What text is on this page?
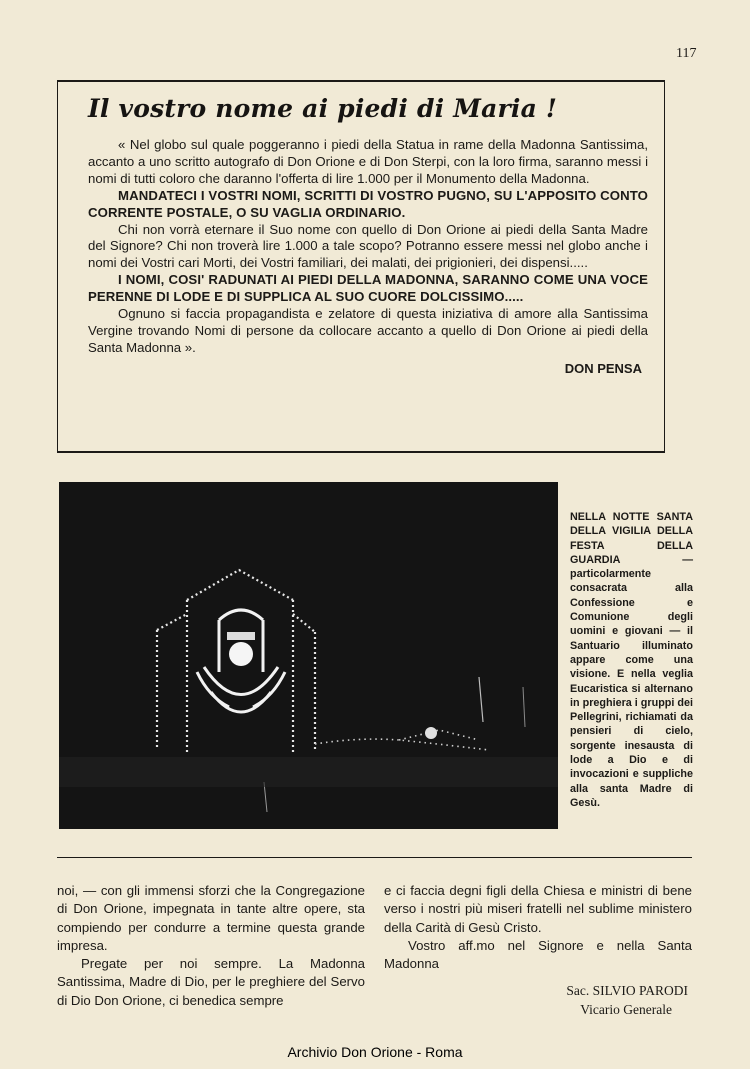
117
Il vostro nome ai piedi di Maria !

« Nel globo sul quale poggeranno i piedi della Statua in rame della Madonna Santissima, accanto a uno scritto autografo di Don Orione e di Don Sterpi, con la loro firma, saranno messi i nomi di tutti coloro che daranno l'offerta di lire 1.000 per il Monumento della Madonna.

MANDATECI I VOSTRI NOMI, SCRITTI DI VOSTRO PUGNO, SU L'APPOSITO CONTO CORRENTE POSTALE, O SU VAGLIA ORDINARIO.

Chi non vorrà eternare il Suo nome con quello di Don Orione ai piedi della Santa Madre del Signore? Chi non troverà lire 1.000 a tale scopo? Potranno essere messi nel globo anche i nomi dei Vostri cari Morti, dei Vostri familiari, dei malati, dei prigionieri, dei dispensi.....

I NOMI, COSI' RADUNATI AI PIEDI DELLA MADONNA, SARANNO COME UNA VOCE PERENNE DI LODE E DI SUPPLICA AL SUO CUORE DOLCISSIMO.....

Ognuno si faccia propagandista e zelatore di questa iniziativa di amore alla Santissima Vergine trovando Nomi di persone da collocare accanto a quello di Don Orione ai piedi della Santa Madonna ».

DON PENSA
NELLA NOTTE SANTA DELLA VIGILIA DELLA FESTA DELLA GUARDIA — particolarmente consacrata alla Confessione e Comunione degli uomini e giovani — il Santuario illuminato appare come una visione. E nella veglia Eucaristica si alternano in preghiera i gruppi dei Pellegrini, richiamati da pensieri di cielo, sorgente inesausta di lode a Dio e di invocazioni e suppliche alla santa Madre di Gesù.

noi, — con gli immensi sforzi che la Congregazione di Don Orione, impegnata in tante altre opere, sta compiendo per condurre a termine questa grande impresa.

Pregate per noi sempre. La Madonna Santissima, Madre di Dio, per le preghiere del Servo di Dio Don Orione, ci benedica sempre

e ci faccia degni figli della Chiesa e ministri di bene verso i nostri più miseri fratelli nel sublime ministero della Carità di Gesù Cristo.

Vostro aff.mo nel Signore e nella Santa Madonna

Sac. SILVIO PARODI
Vicario Generale
Archivio Don Orione - Roma
